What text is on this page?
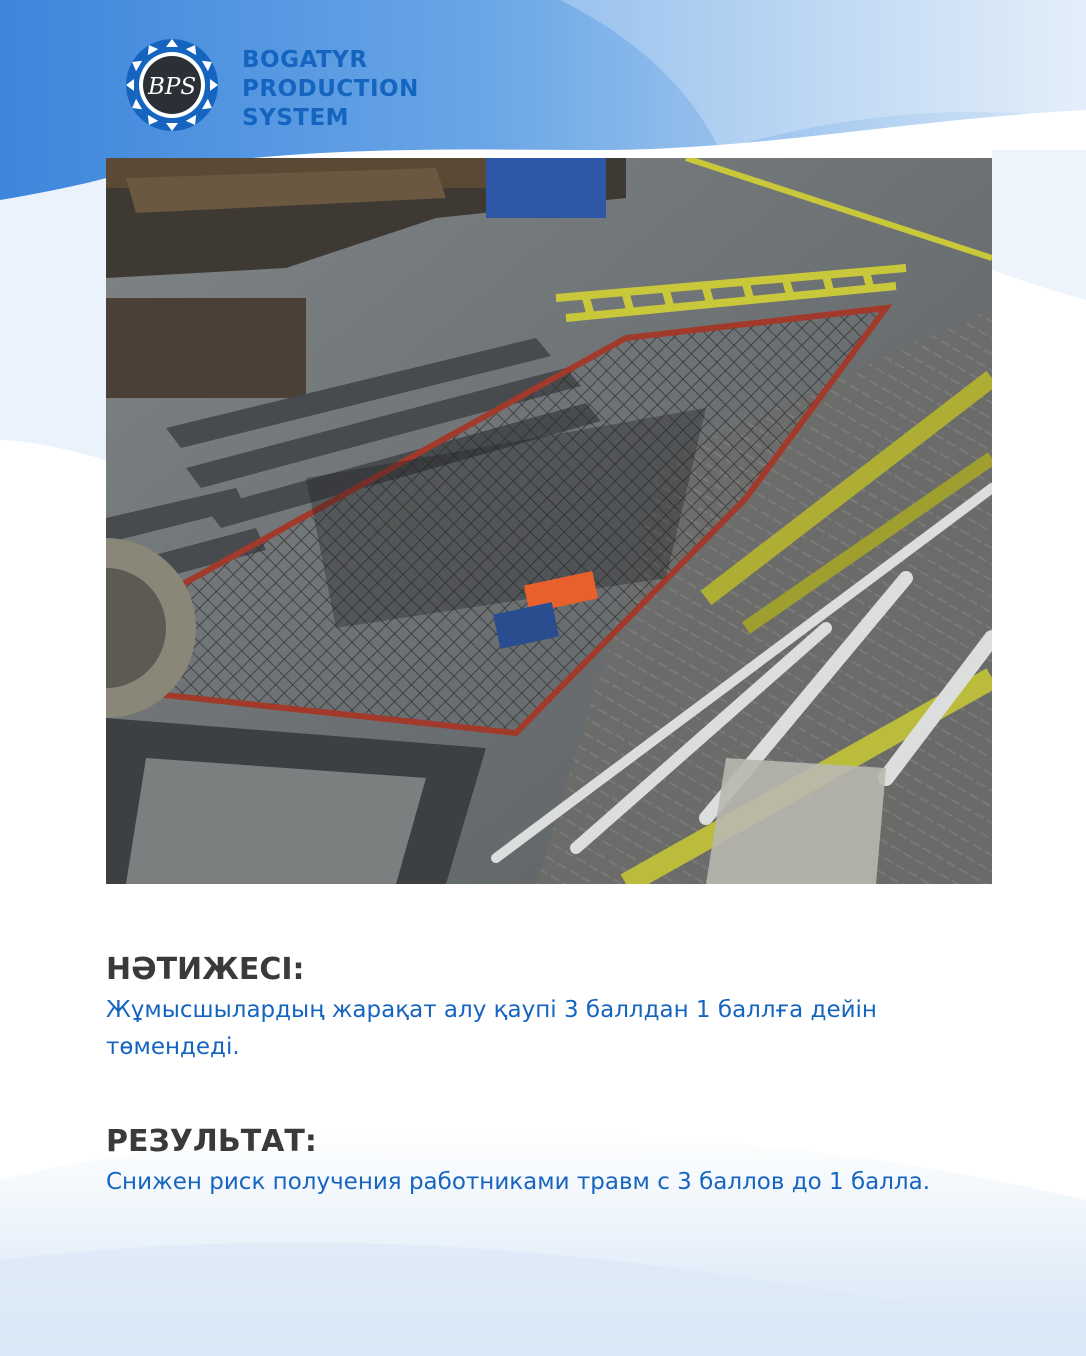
BPS
BOGATYR
PRODUCTION
SYSTEM
НӘТИЖЕСІ:
Жұмысшылардың жарақат алу қаупі 3 баллдан 1 баллға дейін төмендеді.
РЕЗУЛЬТАТ:
Снижен риск получения работниками травм с 3 баллов до 1 балла.
